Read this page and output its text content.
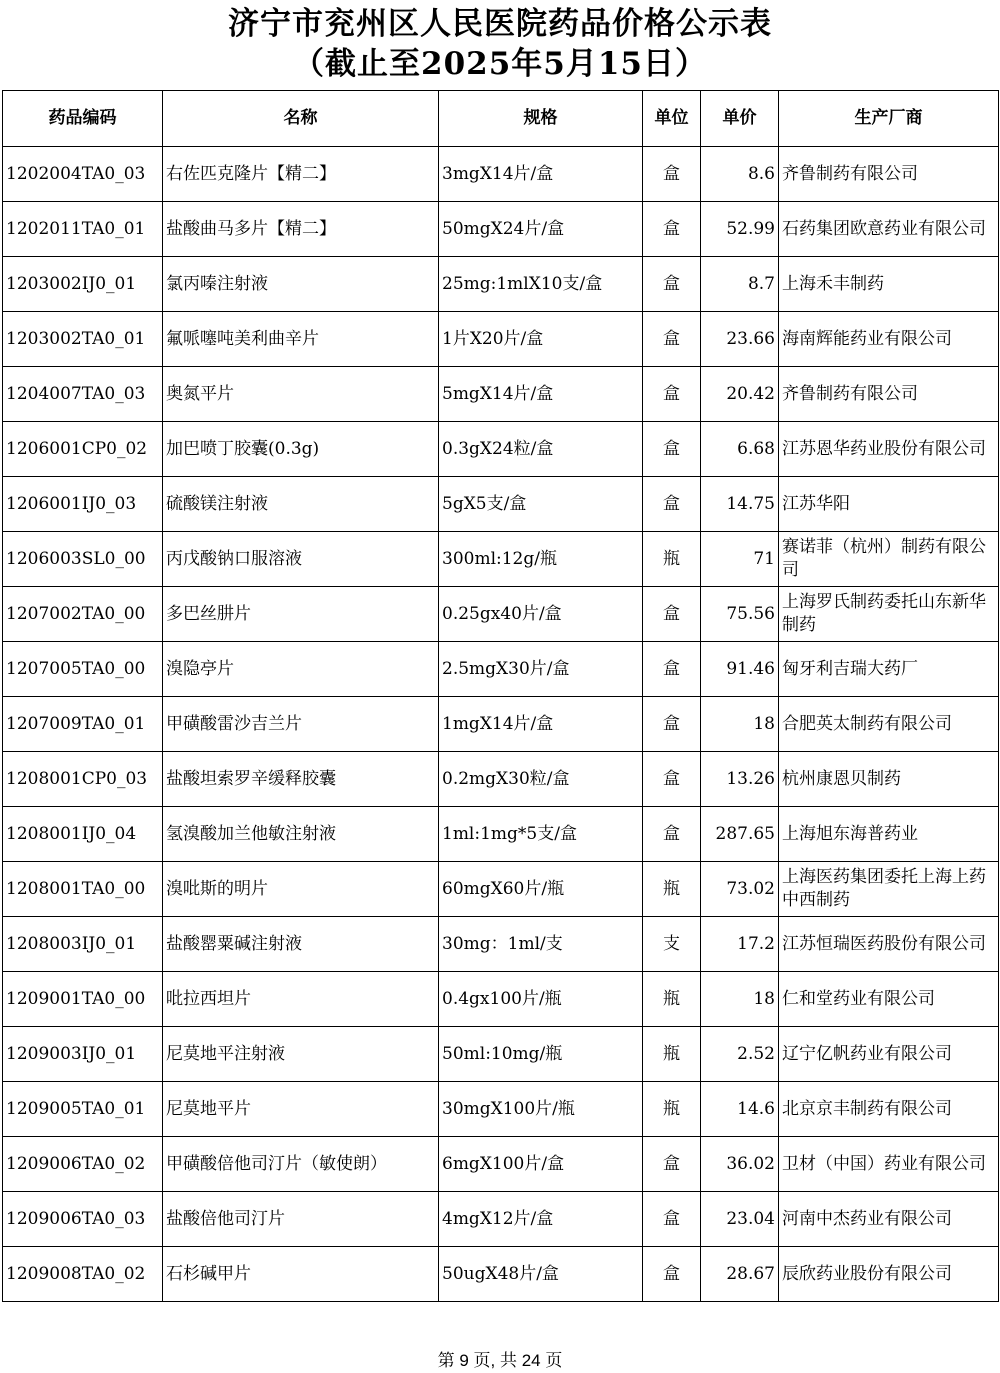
济宁市兖州区人民医院药品价格公示表
（截止至2025年5月15日）
药品编码	名称	规格	单位	单价	生产厂商
1202004TA0_03	右佐匹克隆片【精二】	3mgX14片/盒	盒	8.6	齐鲁制药有限公司
1202011TA0_01	盐酸曲马多片【精二】	50mgX24片/盒	盒	52.99	石药集团欧意药业有限公司
1203002IJ0_01	氯丙嗪注射液	25mg:1mlX10支/盒	盒	8.7	上海禾丰制药
1203002TA0_01	氟哌噻吨美利曲辛片	1片X20片/盒	盒	23.66	海南辉能药业有限公司
1204007TA0_03	奥氮平片	5mgX14片/盒	盒	20.42	齐鲁制药有限公司
1206001CP0_02	加巴喷丁胶囊(0.3g)	0.3gX24粒/盒	盒	6.68	江苏恩华药业股份有限公司
1206001IJ0_03	硫酸镁注射液	5gX5支/盒	盒	14.75	江苏华阳
1206003SL0_00	丙戊酸钠口服溶液	300ml:12g/瓶	瓶	71	赛诺菲（杭州）制药有限公司
1207002TA0_00	多巴丝肼片	0.25gx40片/盒	盒	75.56	上海罗氏制药委托山东新华制药
1207005TA0_00	溴隐亭片	2.5mgX30片/盒	盒	91.46	匈牙利吉瑞大药厂
1207009TA0_01	甲磺酸雷沙吉兰片	1mgX14片/盒	盒	18	合肥英太制药有限公司
1208001CP0_03	盐酸坦索罗辛缓释胶囊	0.2mgX30粒/盒	盒	13.26	杭州康恩贝制药
1208001IJ0_04	氢溴酸加兰他敏注射液	1ml:1mg*5支/盒	盒	287.65	上海旭东海普药业
1208001TA0_00	溴吡斯的明片	60mgX60片/瓶	瓶	73.02	上海医药集团委托上海上药中西制药
1208003IJ0_01	盐酸罂粟碱注射液	30mg：1ml/支	支	17.2	江苏恒瑞医药股份有限公司
1209001TA0_00	吡拉西坦片	0.4gx100片/瓶	瓶	18	仁和堂药业有限公司
1209003IJ0_01	尼莫地平注射液	50ml:10mg/瓶	瓶	2.52	辽宁亿帆药业有限公司
1209005TA0_01	尼莫地平片	30mgX100片/瓶	瓶	14.6	北京京丰制药有限公司
1209006TA0_02	甲磺酸倍他司汀片（敏使朗）	6mgX100片/盒	盒	36.02	卫材（中国）药业有限公司
1209006TA0_03	盐酸倍他司汀片	4mgX12片/盒	盒	23.04	河南中杰药业有限公司
1209008TA0_02	石杉碱甲片	50ugX48片/盒	盒	28.67	辰欣药业股份有限公司
第 9 页, 共 24 页
